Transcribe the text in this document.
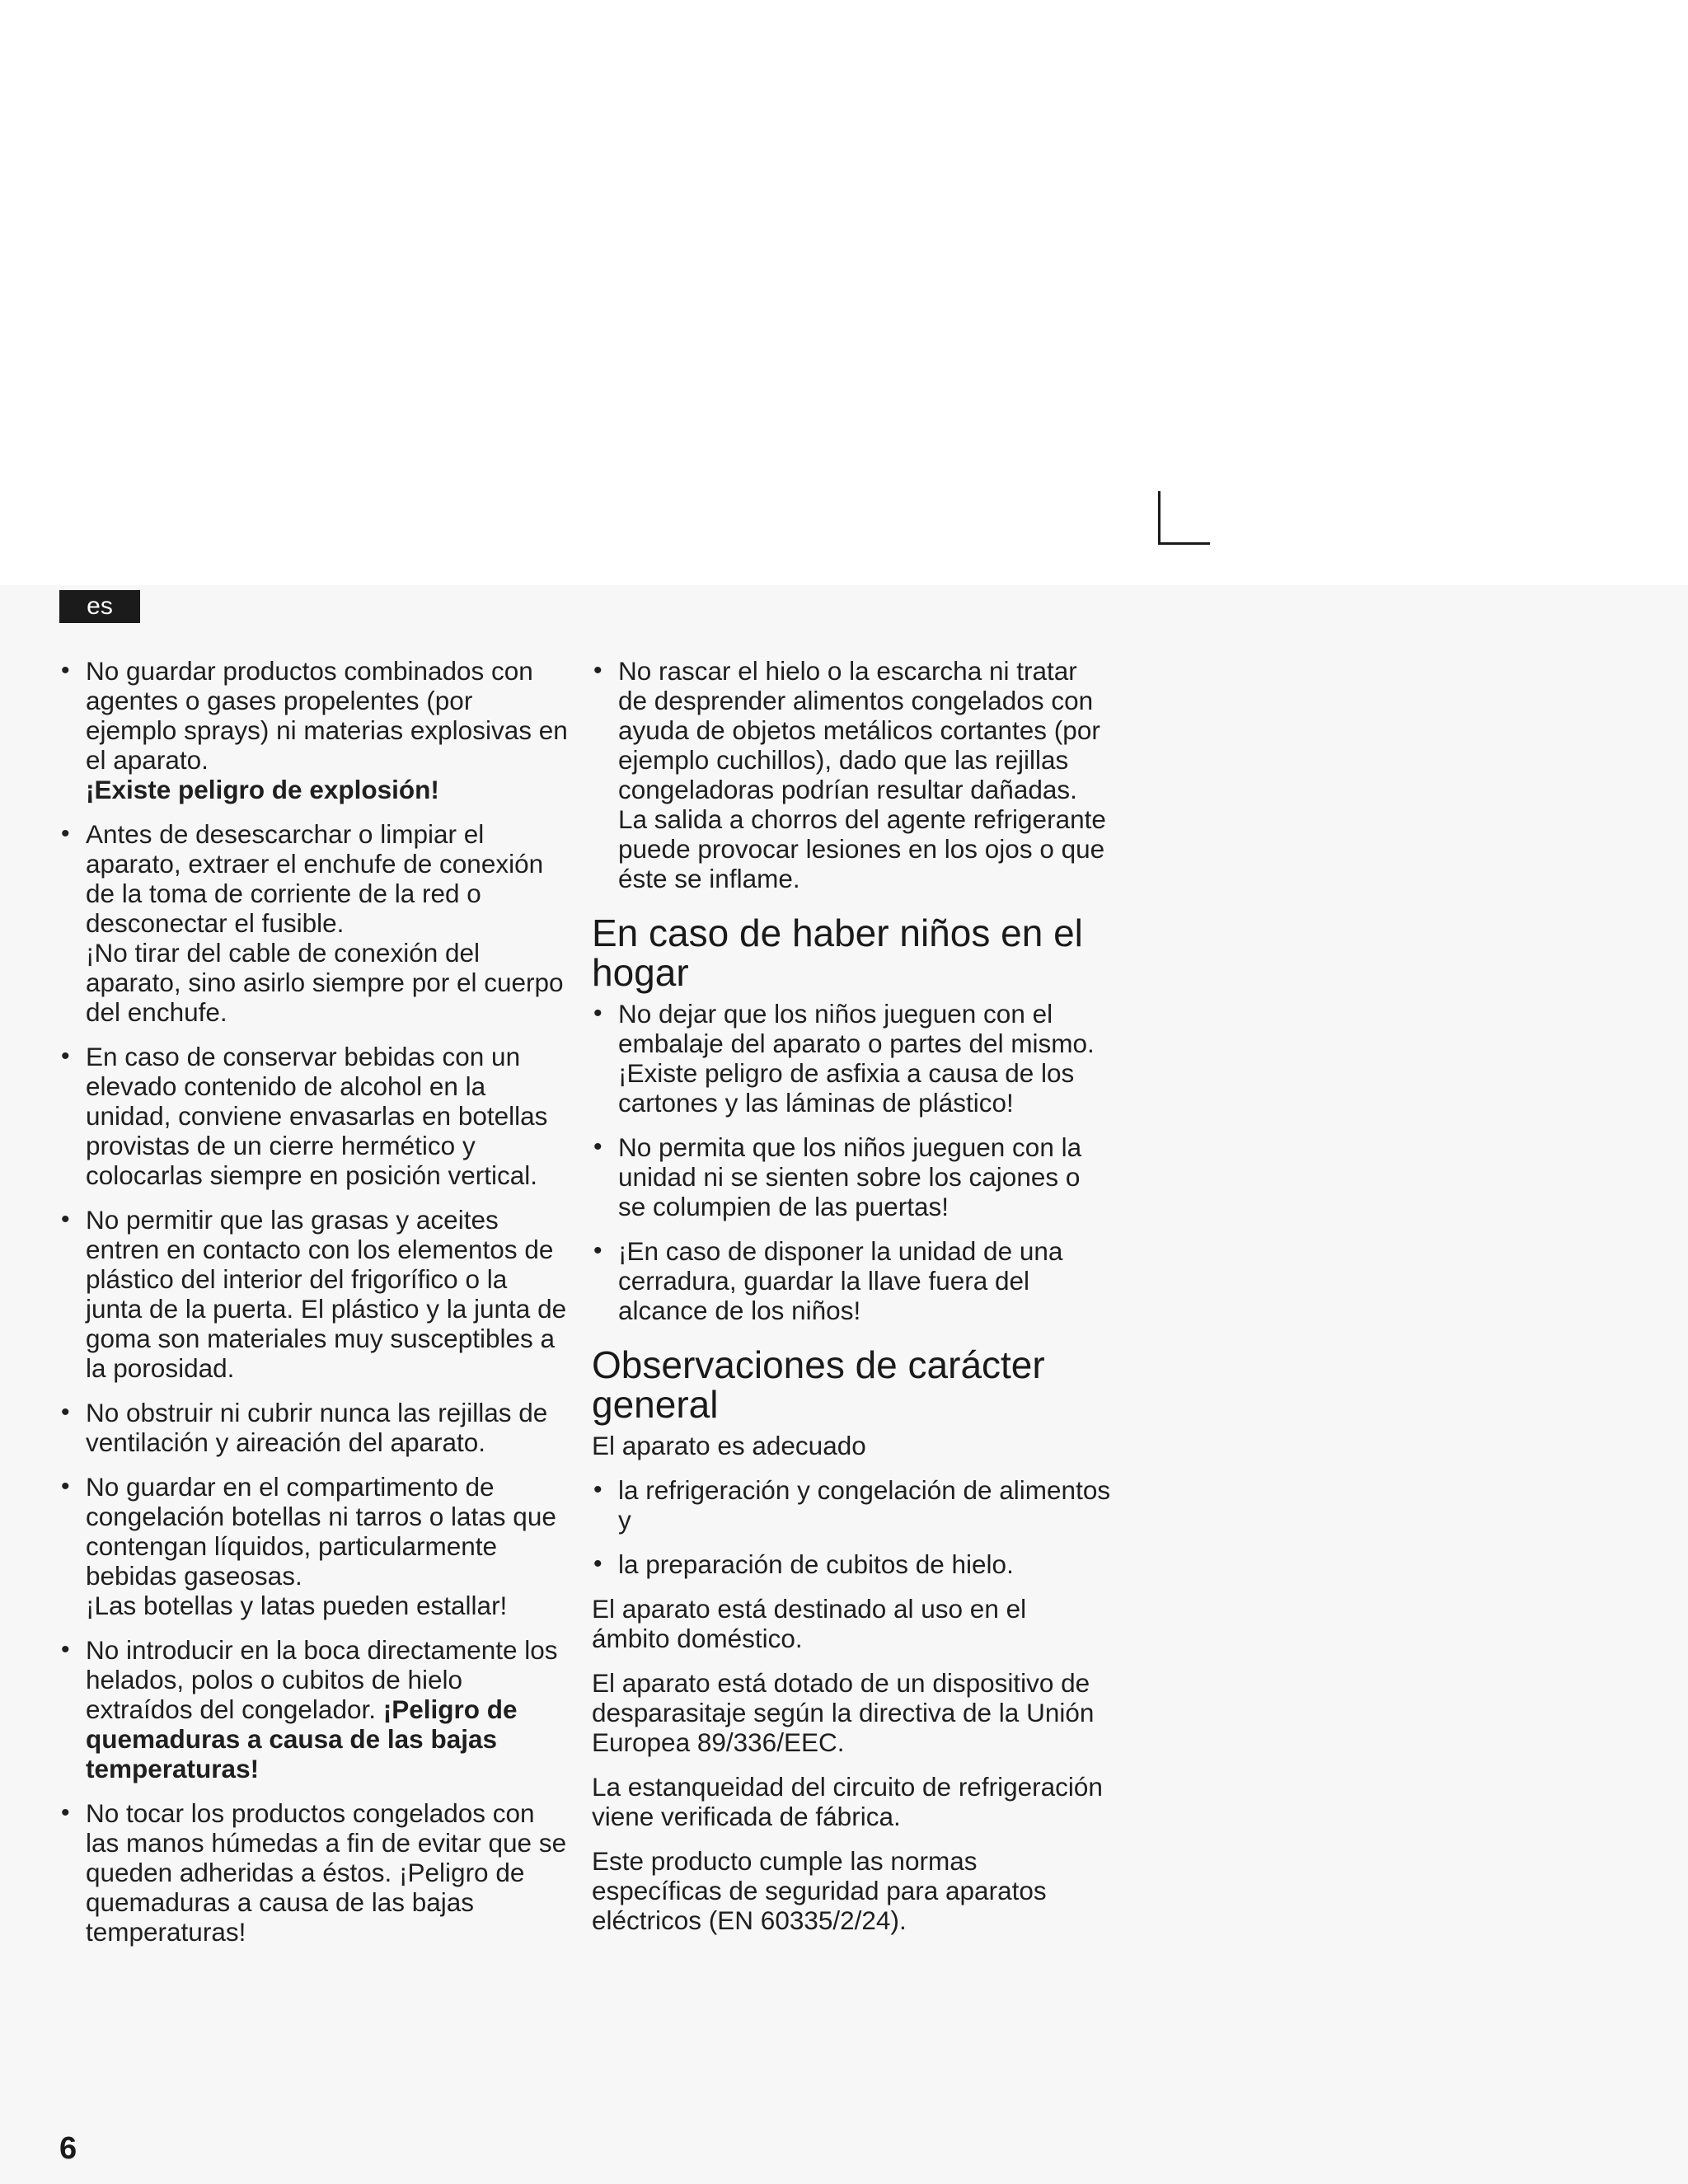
es
• No guardar productos combinados con agentes o gases propelentes (por ejemplo sprays) ni materias explosivas en el aparato.
¡Existe peligro de explosión!
• Antes de desescarchar o limpiar el aparato, extraer el enchufe de conexión de la toma de corriente de la red o desconectar el fusible.
¡No tirar del cable de conexión del aparato, sino asirlo siempre por el cuerpo del enchufe.
• En caso de conservar bebidas con un elevado contenido de alcohol en la unidad, conviene envasarlas en botellas provistas de un cierre hermético y colocarlas siempre en posición vertical.
• No permitir que las grasas y aceites entren en contacto con los elementos de plástico del interior del frigorífico o la junta de la puerta. El plástico y la junta de goma son materiales muy susceptibles a la porosidad.
• No obstruir ni cubrir nunca las rejillas de ventilación y aireación del aparato.
• No guardar en el compartimento de congelación botellas ni tarros o latas que contengan líquidos, particularmente bebidas gaseosas.
¡Las botellas y latas pueden estallar!
• No introducir en la boca directamente los helados, polos o cubitos de hielo extraídos del congelador. ¡Peligro de quemaduras a causa de las bajas temperaturas!
• No tocar los productos congelados con las manos húmedas a fin de evitar que se queden adheridas a éstos. ¡Peligro de quemaduras a causa de las bajas temperaturas!
• No rascar el hielo o la escarcha ni tratar de desprender alimentos congelados con ayuda de objetos metálicos cortantes (por ejemplo cuchillos), dado que las rejillas congeladoras podrían resultar dañadas. La salida a chorros del agente refrigerante puede provocar lesiones en los ojos o que éste se inflame.
En caso de haber niños en el hogar
• No dejar que los niños jueguen con el embalaje del aparato o partes del mismo. ¡Existe peligro de asfixia a causa de los cartones y las láminas de plástico!
• No permita que los niños jueguen con la unidad ni se sienten sobre los cajones o se columpien de las puertas!
• ¡En caso de disponer la unidad de una cerradura, guardar la llave fuera del alcance de los niños!
Observaciones de carácter general

El aparato es adecuado

• la refrigeración y congelación de alimentos y
• la preparación de cubitos de hielo.

El aparato está destinado al uso en el ámbito doméstico.

El aparato está dotado de un dispositivo de desparasitaje según la directiva de la Unión Europea 89/336/EEC.

La estanqueidad del circuito de refrigeración viene verificada de fábrica.

Este producto cumple las normas específicas de seguridad para aparatos eléctricos (EN 60335/2/24).

6
